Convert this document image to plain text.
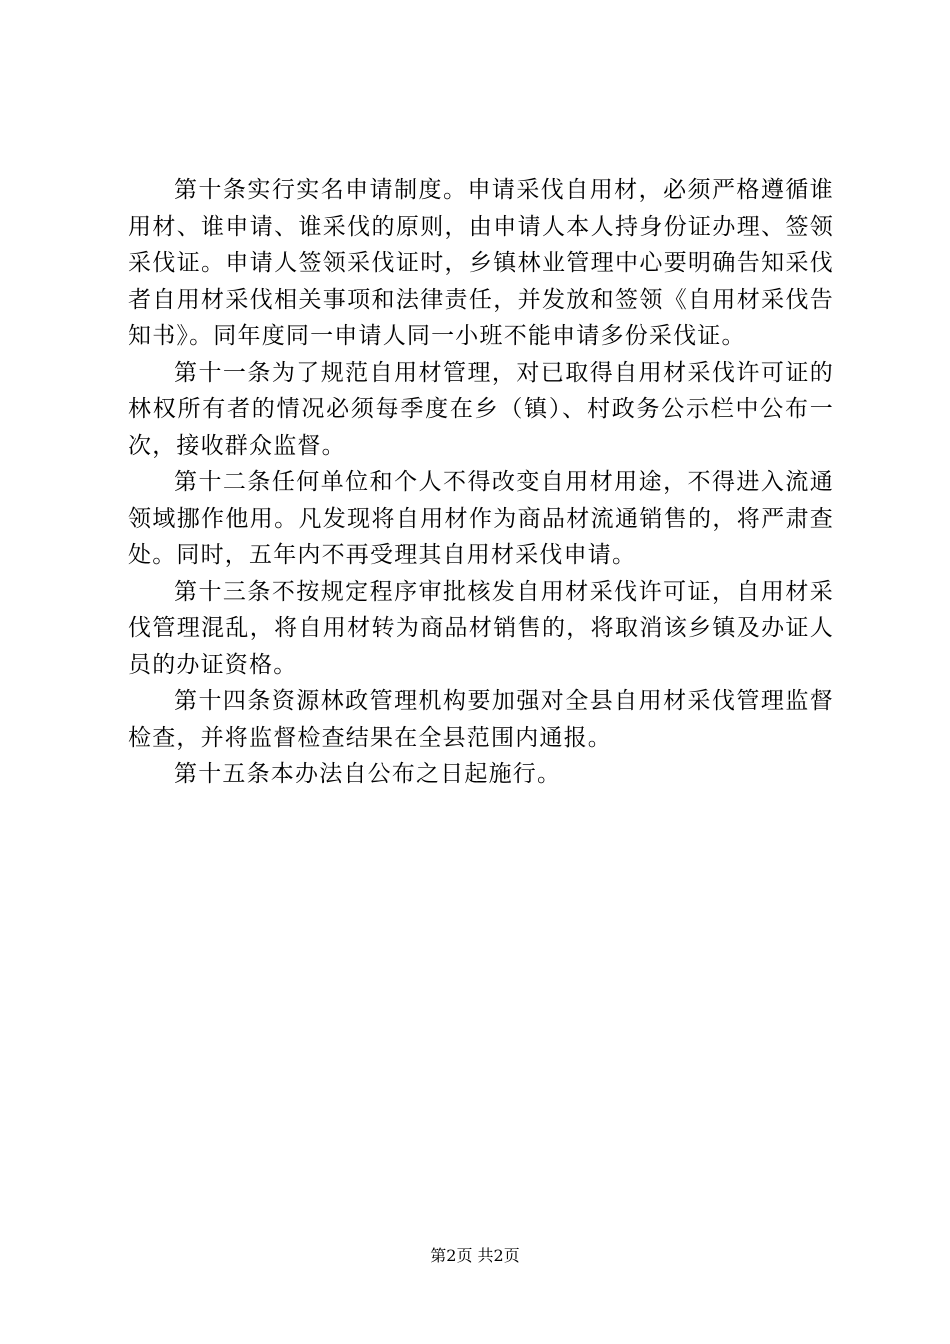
第十条实行实名申请制度。申请采伐自用材，必须严格遵循谁用材、谁申请、谁采伐的原则，由申请人本人持身份证办理、签领采伐证。申请人签领采伐证时，乡镇林业管理中心要明确告知采伐者自用材采伐相关事项和法律责任，并发放和签领《自用材采伐告知书》。同年度同一申请人同一小班不能申请多份采伐证。

第十一条为了规范自用材管理，对已取得自用材采伐许可证的林权所有者的情况必须每季度在乡（镇）、村政务公示栏中公布一次，接收群众监督。

第十二条任何单位和个人不得改变自用材用途，不得进入流通领域挪作他用。凡发现将自用材作为商品材流通销售的，将严肃查处。同时，五年内不再受理其自用材采伐申请。

第十三条不按规定程序审批核发自用材采伐许可证，自用材采伐管理混乱，将自用材转为商品材销售的，将取消该乡镇及办证人员的办证资格。

第十四条资源林政管理机构要加强对全县自用材采伐管理监督检查，并将监督检查结果在全县范围内通报。

第十五条本办法自公布之日起施行。

第2页 共2页
